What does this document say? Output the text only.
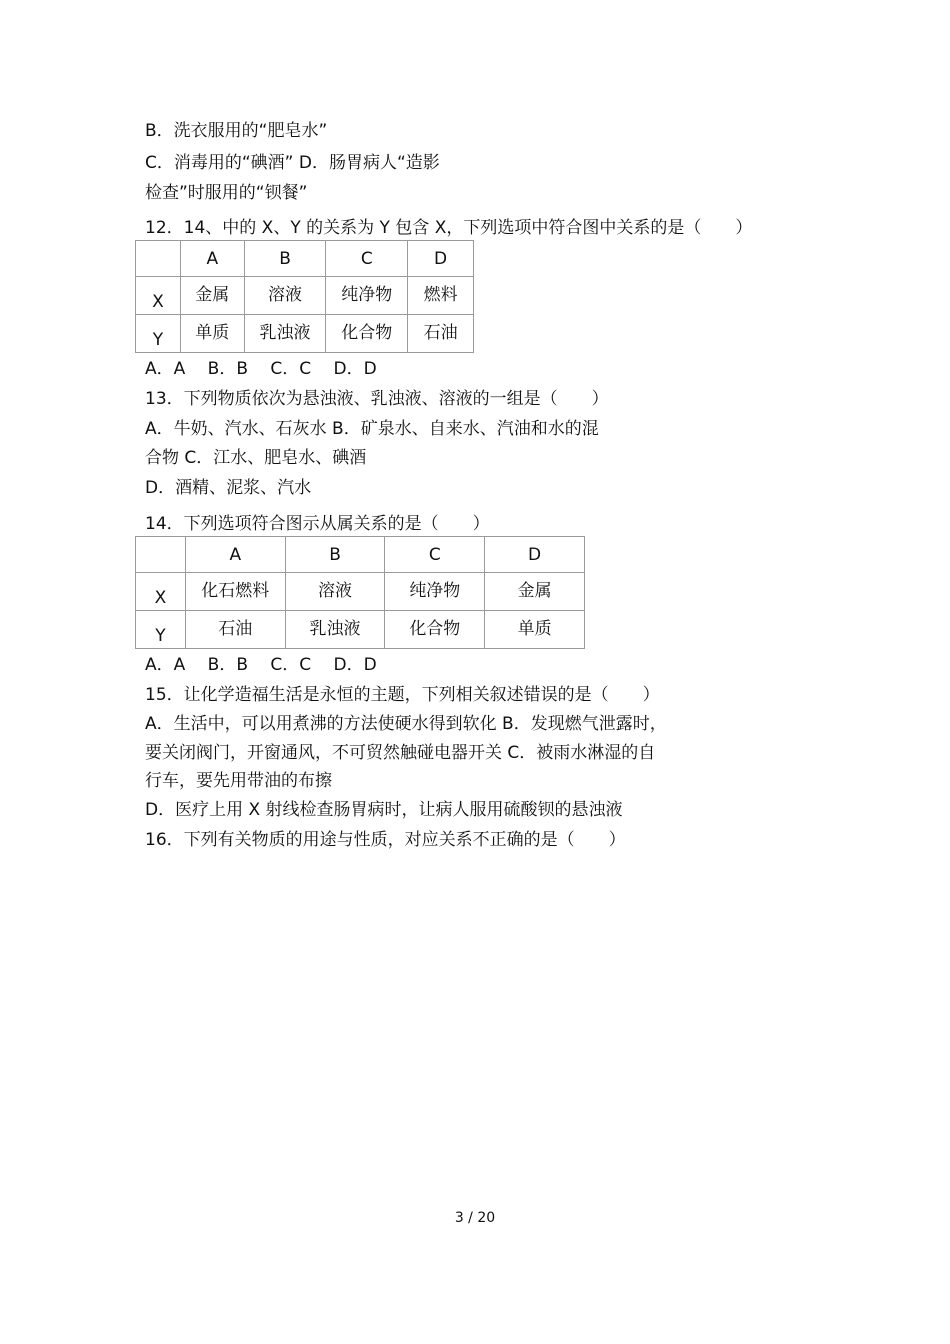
B．洗衣服用的“肥皂水”
C．消毒用的“碘酒” D．肠胃病人“造影
检查”时服用的“钡餐”
12．14、中的 X、Y 的关系为 Y 包含 X，下列选项中符合图中关系的是（　　）
	A	B	C	D
X	金属	溶液	纯净物	燃料
Y	单质	乳浊液	化合物	石油
A．A　 B．B　 C．C　 D．D
13．下列物质依次为悬浊液、乳浊液、溶液的一组是（　　）
A．牛奶、汽水、石灰水 B．矿泉水、自来水、汽油和水的混
合物 C．江水、肥皂水、碘酒
D．酒精、泥浆、汽水
14．下列选项符合图示从属关系的是（　　）
	A	B	C	D
X	化石燃料	溶液	纯净物	金属
Y	石油	乳浊液	化合物	单质
A．A　 B．B　 C．C　 D．D
15．让化学造福生活是永恒的主题，下列相关叙述错误的是（　　）
A．生活中，可以用煮沸的方法使硬水得到软化 B．发现燃气泄露时，
要关闭阀门，开窗通风，不可贸然触碰电器开关 C．被雨水淋湿的自
行车，要先用带油的布擦
D．医疗上用 X 射线检查肠胃病时，让病人服用硫酸钡的悬浊液
16．下列有关物质的用途与性质，对应关系不正确的是（　　）
3 / 20
